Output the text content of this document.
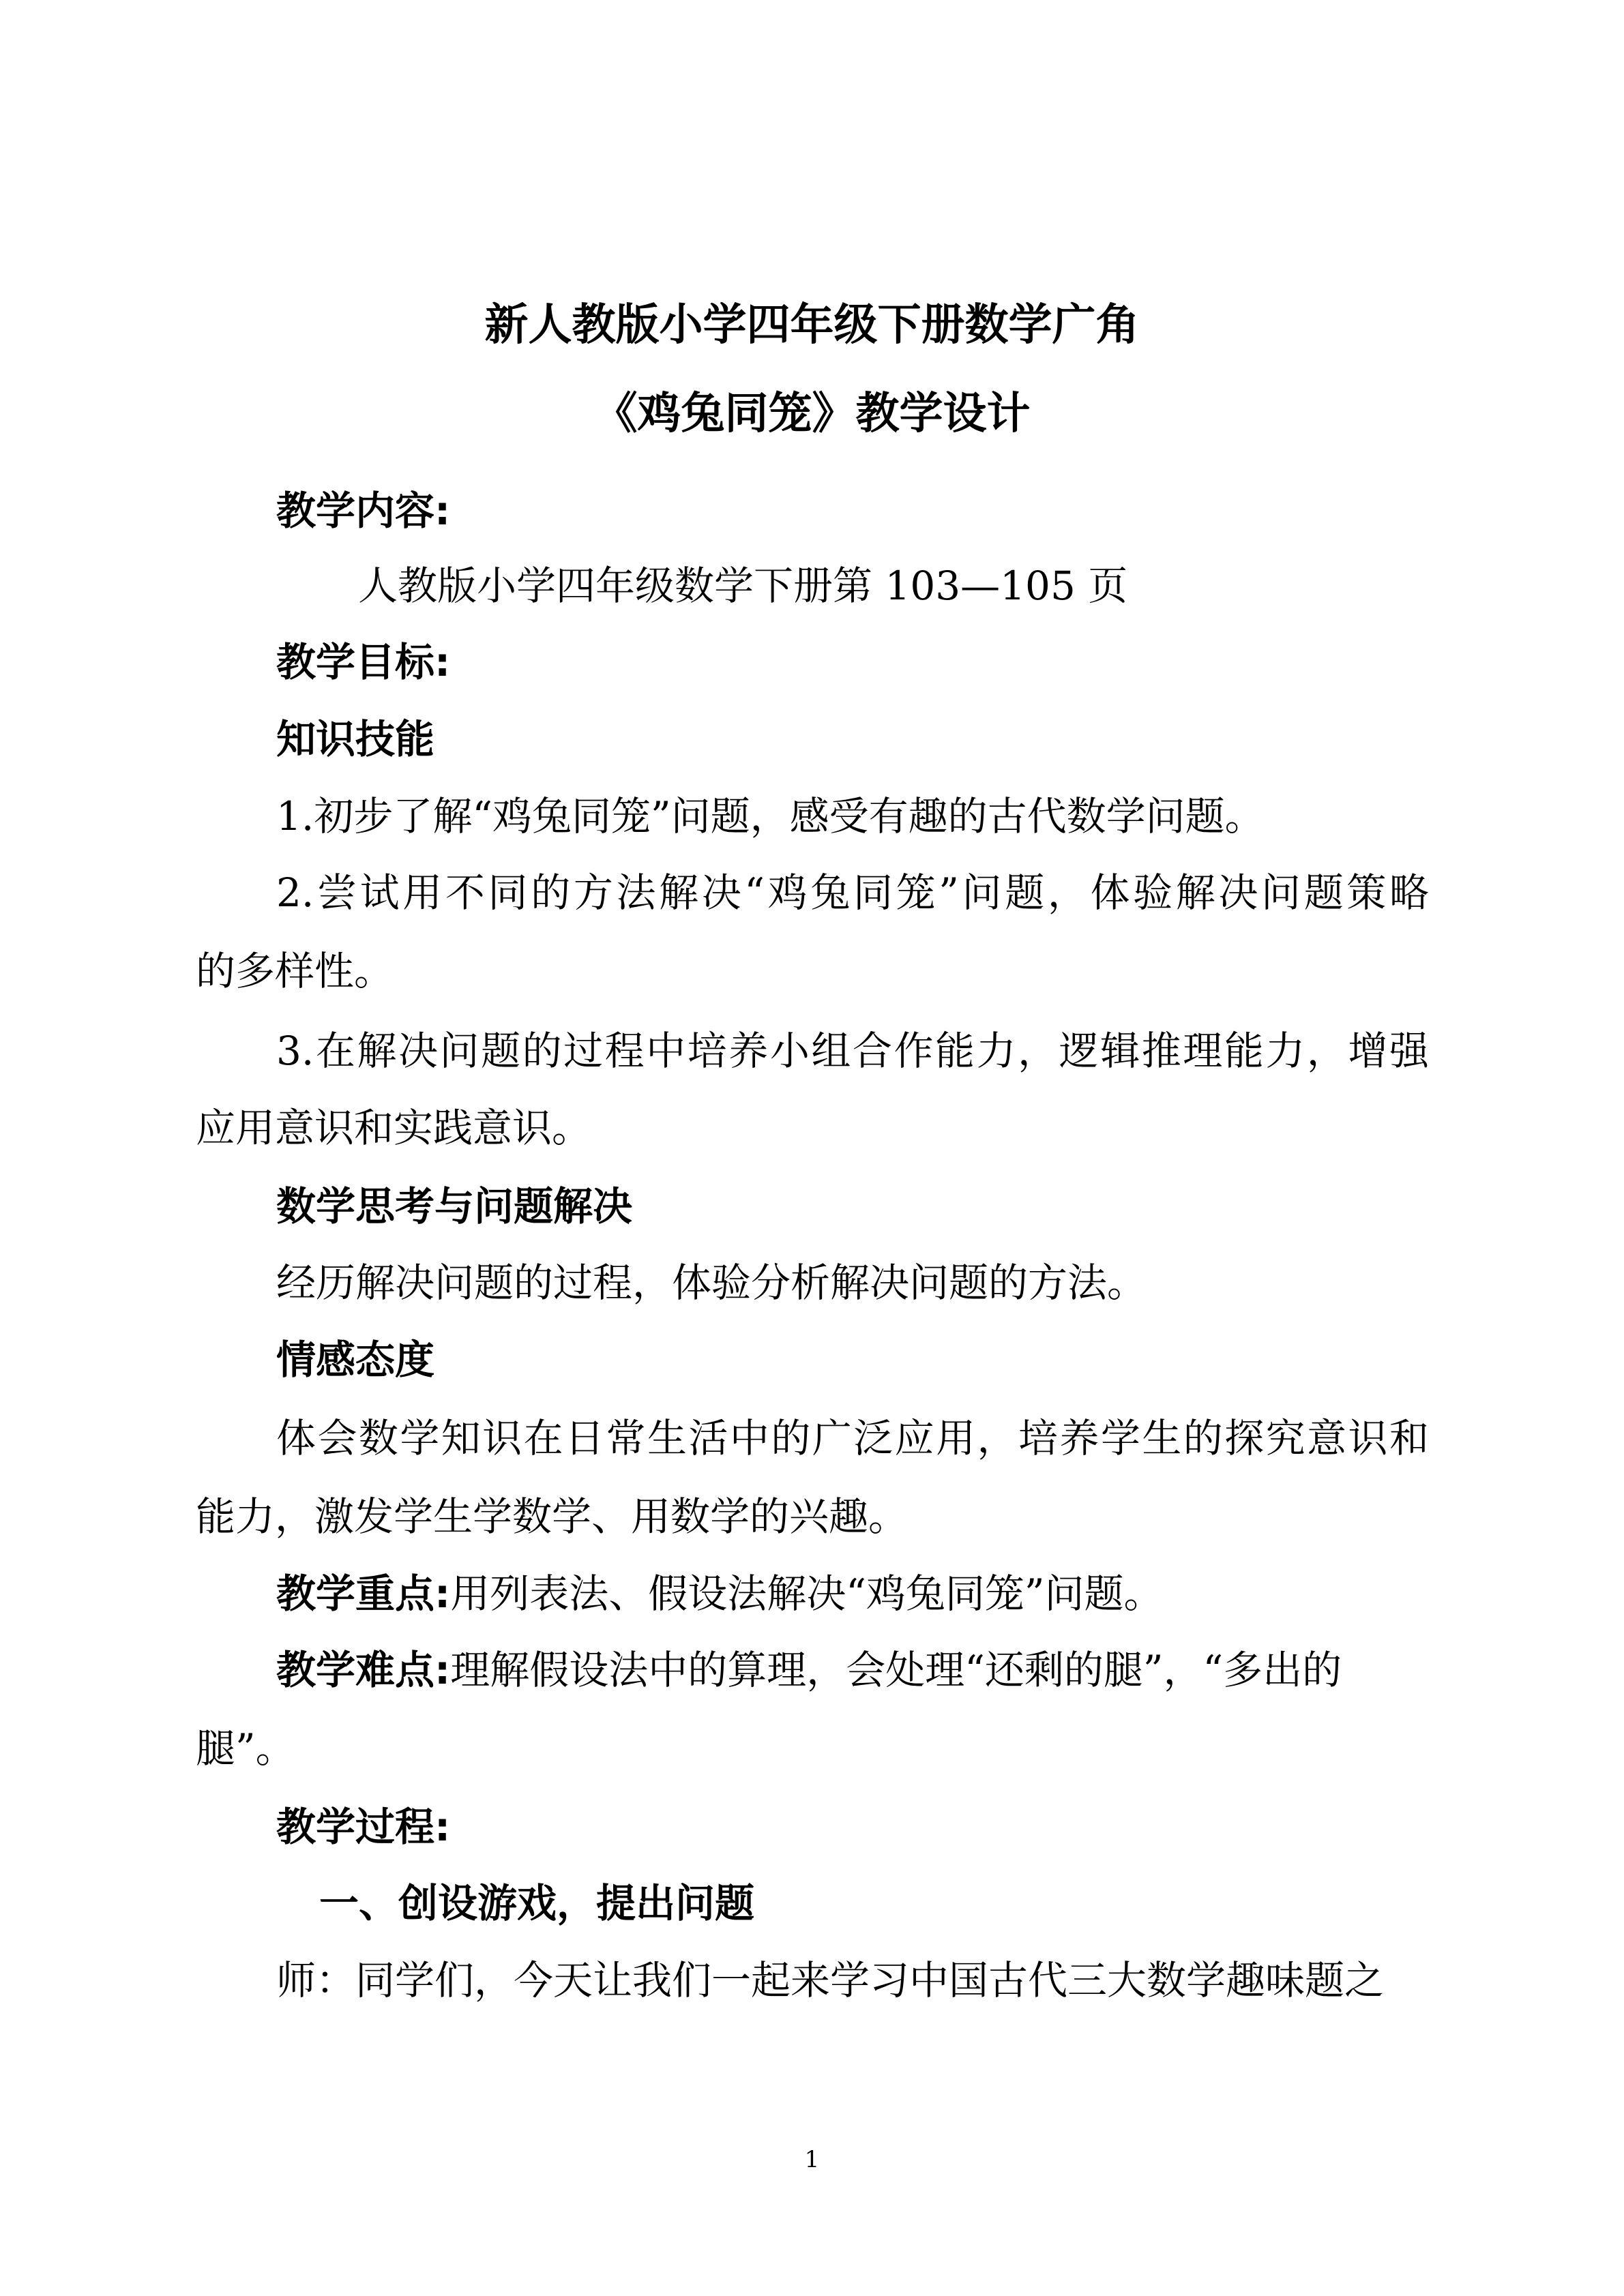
新人教版小学四年级下册数学广角
《鸡兔同笼》教学设计
教学内容:
人教版小学四年级数学下册第 103—105 页
教学目标:
知识技能
1.初步了解“鸡兔同笼”问题，感受有趣的古代数学问题。
2.尝试用不同的方法解决“鸡兔同笼”问题，体验解决问题策略
的多样性。
3.在解决问题的过程中培养小组合作能力，逻辑推理能力，增强
应用意识和实践意识。
数学思考与问题解决
经历解决问题的过程，体验分析解决问题的方法。
情感态度
体会数学知识在日常生活中的广泛应用，培养学生的探究意识和
能力，激发学生学数学、用数学的兴趣。
教学重点:用列表法、假设法解决“鸡兔同笼”问题。
教学难点:理解假设法中的算理，会处理“还剩的腿”，“多出的
腿”。
教学过程:
一、创设游戏，提出问题
师：同学们，今天让我们一起来学习中国古代三大数学趣味题之
1
